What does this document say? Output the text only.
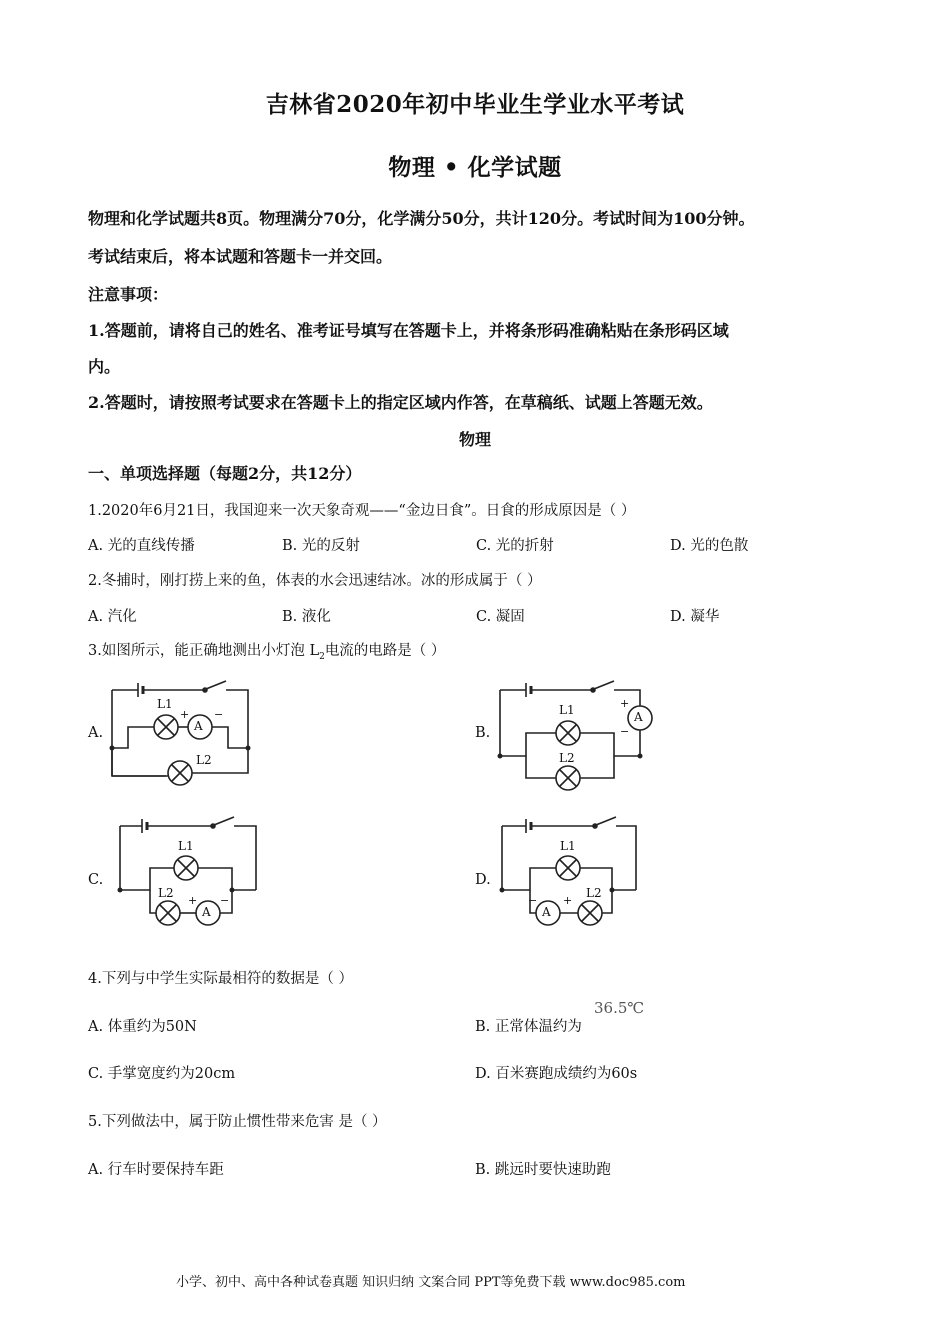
吉林省2020年初中毕业生学业水平考试
物理 • 化学试题
物理和化学试题共8页。物理满分70分，化学满分50分，共计120分。考试时间为100分钟。
考试结束后，将本试题和答题卡一并交回。
注意事项：
1.答题前，请将自己的姓名、准考证号填写在答题卡上，并将条形码准确粘贴在条形码区域
内。
2.答题时，请按照考试要求在答题卡上的指定区域内作答，在草稿纸、试题上答题无效。
物理
一、单项选择题（每题2分，共12分）
1.2020年6月21日，我国迎来一次天象奇观——“金边日食”。日食的形成原因是（ ）
A. 光的直线传播	B. 光的反射	C. 光的折射	D. 光的色散
2.冬捕时，刚打捞上来的鱼，体表的水会迅速结冰。冰的形成属于（ ）
A. 汽化	B. 液化	C. 凝固	D. 凝华
3.如图所示，能正确地测出小灯泡 $L_2$电流的电路是（ ）
A.	B.
C.	D.
L1
A
+ −
L2
L1	A
+
−
L2
L1
L2
A
+ −
L1
A
+
−
L2
4.下列与中学生实际最相符的数据是（ ）
A. 体重约为50N	B. 正常体温约为
36.5℃
C. 手掌宽度约为20cm	D. 百米赛跑成绩约为60s
5.下列做法中，属于防止惯性带来危害 是（ ）
A. 行车时要保持车距	B. 跳远时要快速助跑
小学、初中、高中各种试卷真题 知识归纳 文案合同 PPT等免费下载 www.doc985.com
